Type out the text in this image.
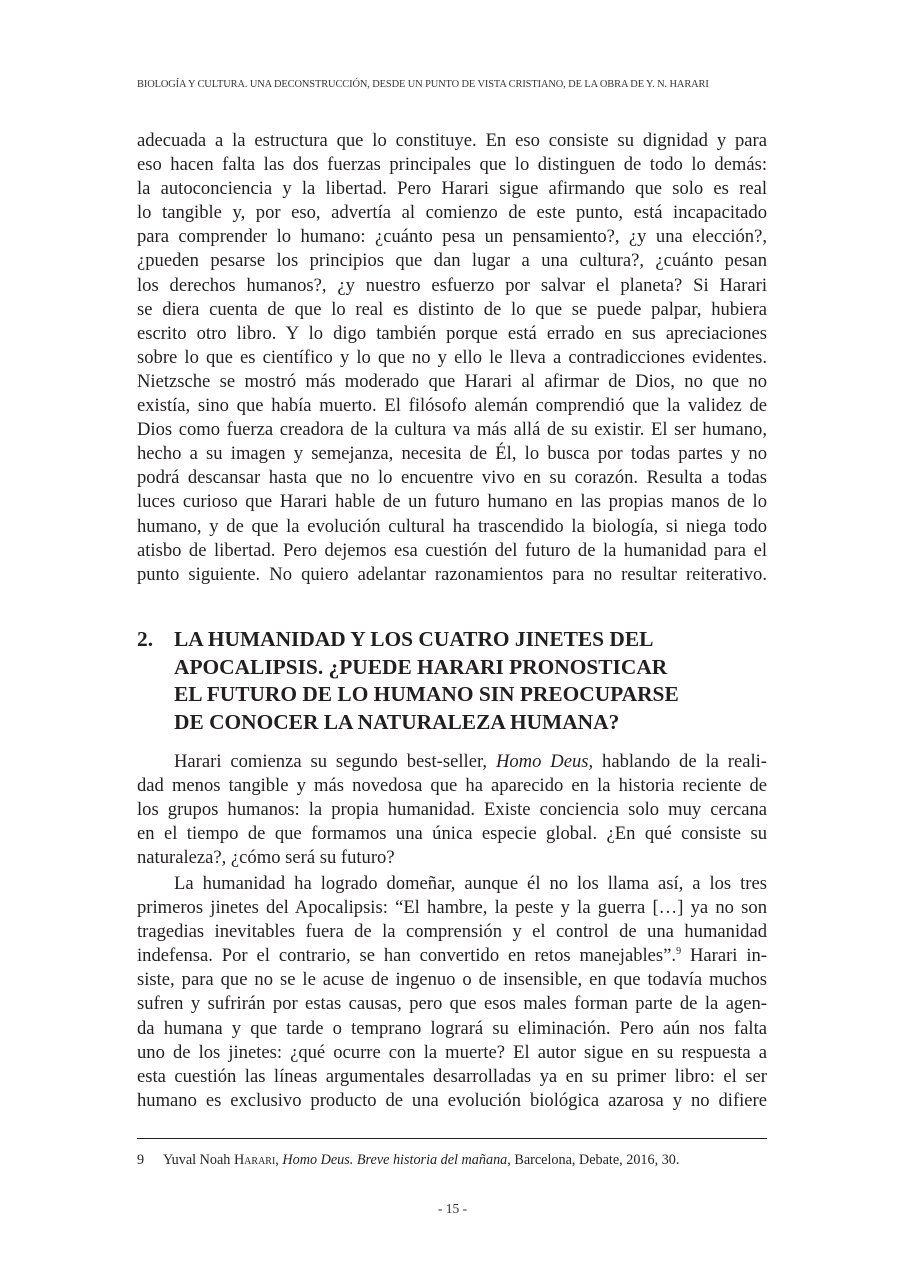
BIOLOGÍA Y CULTURA. UNA DECONSTRUCCIÓN, DESDE UN PUNTO DE VISTA CRISTIANO, DE LA OBRA DE Y. N. HARARI
adecuada a la estructura que lo constituye. En eso consiste su dignidad y para
eso hacen falta las dos fuerzas principales que lo distinguen de todo lo demás:
la autoconciencia y la libertad. Pero Harari sigue afirmando que solo es real
lo tangible y, por eso, advertía al comienzo de este punto, está incapacitado
para comprender lo humano: ¿cuánto pesa un pensamiento?, ¿y una elección?,
¿pueden pesarse los principios que dan lugar a una cultura?, ¿cuánto pesan
los derechos humanos?, ¿y nuestro esfuerzo por salvar el planeta? Si Harari
se diera cuenta de que lo real es distinto de lo que se puede palpar, hubiera
escrito otro libro. Y lo digo también porque está errado en sus apreciaciones
sobre lo que es científico y lo que no y ello le lleva a contradicciones evidentes.
Nietzsche se mostró más moderado que Harari al afirmar de Dios, no que no
existía, sino que había muerto. El filósofo alemán comprendió que la validez de
Dios como fuerza creadora de la cultura va más allá de su existir. El ser humano,
hecho a su imagen y semejanza, necesita de Él, lo busca por todas partes y no
podrá descansar hasta que no lo encuentre vivo en su corazón. Resulta a todas
luces curioso que Harari hable de un futuro humano en las propias manos de lo
humano, y de que la evolución cultural ha trascendido la biología, si niega todo
atisbo de libertad. Pero dejemos esa cuestión del futuro de la humanidad para el
punto siguiente. No quiero adelantar razonamientos para no resultar reiterativo.
2. LA HUMANIDAD Y LOS CUATRO JINETES DEL
APOCALIPSIS. ¿PUEDE HARARI PRONOSTICAR
EL FUTURO DE LO HUMANO SIN PREOCUPARSE
DE CONOCER LA NATURALEZA HUMANA?
Harari comienza su segundo best-seller, Homo Deus, hablando de la reali-
dad menos tangible y más novedosa que ha aparecido en la historia reciente de
los grupos humanos: la propia humanidad. Existe conciencia solo muy cercana
en el tiempo de que formamos una única especie global. ¿En qué consiste su
naturaleza?, ¿cómo será su futuro?
La humanidad ha logrado domeñar, aunque él no los llama así, a los tres
primeros jinetes del Apocalipsis: “El hambre, la peste y la guerra […] ya no son
tragedias inevitables fuera de la comprensión y el control de una humanidad
indefensa. Por el contrario, se han convertido en retos manejables”.$^9$ Harari in-
siste, para que no se le acuse de ingenuo o de insensible, en que todavía muchos
sufren y sufrirán por estas causas, pero que esos males forman parte de la agen-
da humana y que tarde o temprano logrará su eliminación. Pero aún nos falta
uno de los jinetes: ¿qué ocurre con la muerte? El autor sigue en su respuesta a
esta cuestión las líneas argumentales desarrolladas ya en su primer libro: el ser
humano es exclusivo producto de una evolución biológica azarosa y no difiere
9 Yuval Noah Harari, Homo Deus. Breve historia del mañana, Barcelona, Debate, 2016, 30.
- 15 -
